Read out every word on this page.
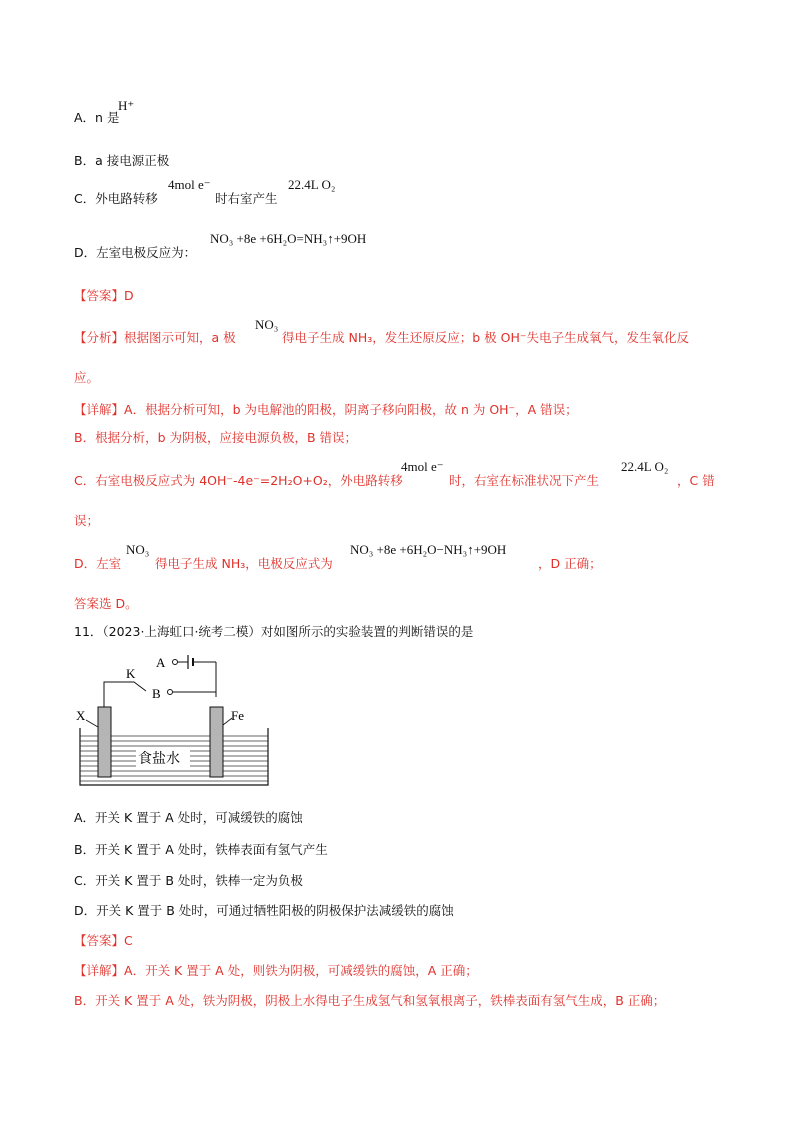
A．n 是
H⁺
B．a 接电源正极
C．外电路转移
4mol e⁻
时右室产生
22.4L O₂
D．左室电极反应为：
NO₃ +8e +6H₂O=NH₃↑+9OH
【答案】D
【分析】根据图示可知，a 极
NO₃
得电子生成 NH₃，发生还原反应；b 极 OH⁻失电子生成氧气，发生氧化反
应。
【详解】A．根据分析可知，b 为电解池的阳极，阴离子移向阳极，故 n 为 OH⁻，A 错误；
B．根据分析，b 为阴极，应接电源负极，B 错误；
C．右室电极反应式为 4OH⁻-4e⁻=2H₂O+O₂，外电路转移
4mol e⁻
时，右室在标准状况下产生
22.4L O₂
，C 错
误；
D．左室
NO₃
得电子生成 NH₃，电极反应式为
NO₃ +8e +6H₂O−NH₃↑+9OH
，D 正确；
答案选 D。
11．（2023·上海虹口·统考二模）对如图所示的实验装置的判断错误的是
A
B
K
X	Fe
食盐水
A．开关 K 置于 A 处时，可减缓铁的腐蚀
B．开关 K 置于 A 处时，铁棒表面有氢气产生
C．开关 K 置于 B 处时，铁棒一定为负极
D．开关 K 置于 B 处时，可通过牺牲阳极的阴极保护法减缓铁的腐蚀
【答案】C
【详解】A．开关 K 置于 A 处，则铁为阴极，可减缓铁的腐蚀，A 正确；
B．开关 K 置于 A 处，铁为阴极，阴极上水得电子生成氢气和氢氧根离子，铁棒表面有氢气生成，B 正确；
